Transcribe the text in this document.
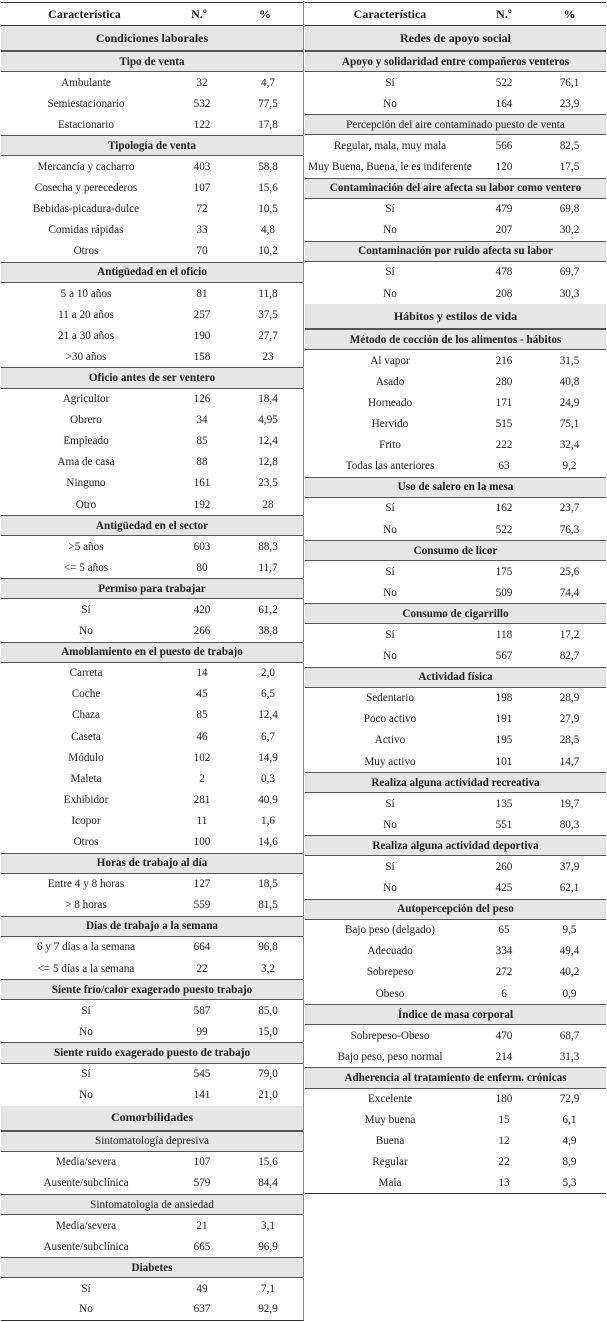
Característica	N.º	%
Condiciones laborales
Tipo de venta
Ambulante	32	4,7
Semiestacionario	532	77,5
Estacionario	122	17,8
Tipología de venta
Mercancía y cacharro	403	58,8
Cosecha y perecederos	107	15,6
Bebidas-picadura-dulce	72	10,5
Comidas rápidas	33	4,8
Otros	70	10,2
Antigüedad en el oficio
5 a 10 años	81	11,8
11 a 20 años	257	37,5
21 a 30 años	190	27,7
>30 años	158	23
Oficio antes de ser ventero
Agricultor	126	18,4
Obrero	34	4,95
Empleado	85	12,4
Ama de casa	88	12,8
Ninguno	161	23,5
Otro	192	28
Antigüedad en el sector
>5 años	603	88,3
<= 5 años	80	11,7
Permiso para trabajar
Sí	420	61,2
No	266	38,8
Amoblamiento en el puesto de trabajo
Carreta	14	2,0
Coche	45	6,5
Chaza	85	12,4
Caseta	46	6,7
Módulo	102	14,9
Maleta	2	0,3
Exhibidor	281	40,9
Icopor	11	1,6
Otros	100	14,6
Horas de trabajo al día
Entre 4 y 8 horas	127	18,5
> 8 horas	559	81,5
Días de trabajo a la semana
6 y 7 días a la semana	664	96,8
<= 5 días a la semana	22	3,2
Siente frío/calor exagerado puesto trabajo
Sí	587	85,0
No	99	15,0
Siente ruido exagerado puesto de trabajo
Sí	545	79,0
No	141	21,0
Comorbilidades
Sintomatología depresiva
Media/severa	107	15,6
Ausente/subclínica	579	84,4
Sintomatologia de ansiedad
Media/severa	21	3,1
Ausente/subclínica	665	96,9
Diabetes
Sí	49	7,1
No	637	92,9
Característica	N.º	%
Redes de apoyo social
Apoyo y solidaridad entre compañeros venteros
Sí	522	76,1
No	164	23,9
Percepción del aire contaminado puesto de venta
Regular, mala, muy mala	566	82,5
Muy Buena, Buena, le es indiferente	120	17,5
Contaminación del aire afecta su labor como ventero
Sí	479	69,8
No	207	30,2
Contaminación por ruido afecta su labor
Sí	478	69,7
No	208	30,3
Hábitos y estilos de vida
Método de cocción de los alimentos - hábitos
Al vapor	216	31,5
Asado	280	40,8
Horneado	171	24,9
Hervido	515	75,1
Frito	222	32,4
Todas las anteriores	63	9,2
Uso de salero en la mesa
Sí	162	23,7
No	522	76,3
Consumo de licor
Sí	175	25,6
No	509	74,4
Consumo de cigarrillo
Sí	118	17,2
No	567	82,7
Actividad física
Sedentario	198	28,9
Poco activo	191	27,9
Activo	195	28,5
Muy activo	101	14,7
Realiza alguna actividad recreativa
Sí	135	19,7
No	551	80,3
Realiza alguna actividad deportiva
Sí	260	37,9
No	425	62,1
Autopercepción del peso
Bajo peso (delgado)	65	9,5
Adecuado	334	49,4
Sobrepeso	272	40,2
Obeso	6	0,9
Índice de masa corporal
Sobrepeso-Obeso	470	68,7
Bajo peso, peso normal	214	31,3
Adherencia al tratamiento de enferm. crónicas
Excelente	180	72,9
Muy buena	15	6,1
Buena	12	4,9
Regular	22	8,9
Mala	13	5,3
